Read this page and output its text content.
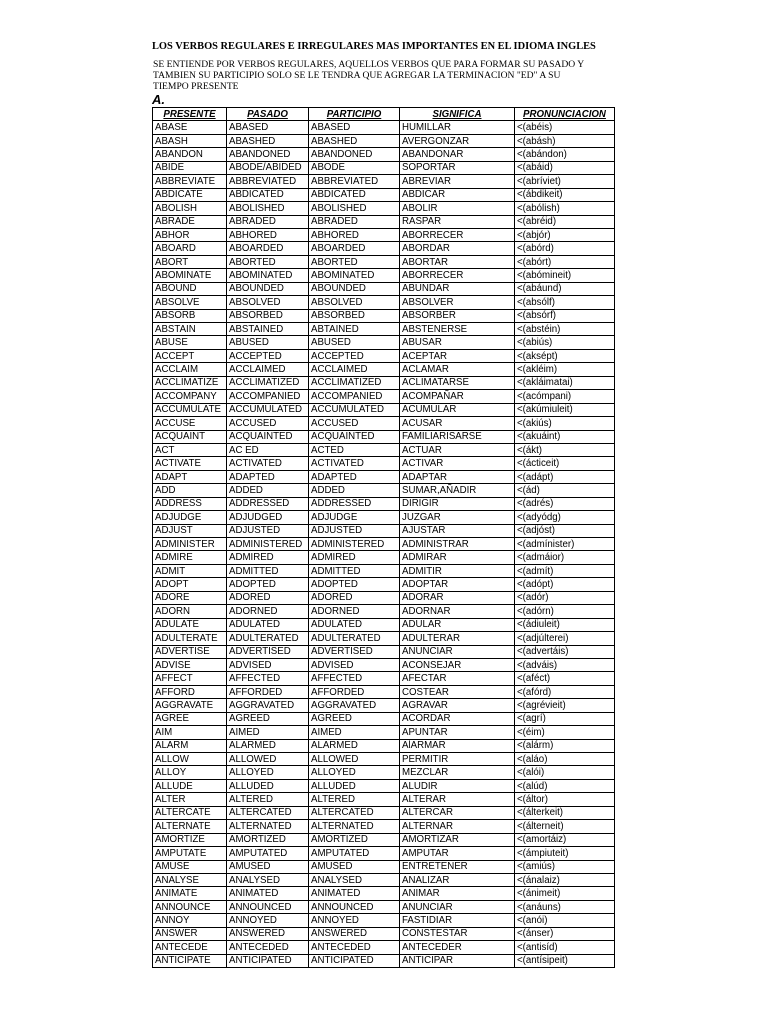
LOS VERBOS REGULARES E IRREGULARES MAS IMPORTANTES EN EL IDIOMA INGLES
SE ENTIENDE POR VERBOS REGULARES, AQUELLOS VERBOS QUE PARA FORMAR SU PASADO Y
TAMBIEN SU PARTICIPIO SOLO SE LE TENDRA QUE AGREGAR LA TERMINACION "ED" A SU
TIEMPO PRESENTE
A.
PRESENTE	PASADO	PARTICIPIO	SIGNIFICA	PRONUNCIACION
ABASE	ABASED	ABASED	HUMILLAR	<(abéis)
ABASH	ABASHED	ABASHED	AVERGONZAR	<(abásh)
ABANDON	ABANDONED	ABANDONED	ABANDONAR	<(abándon)
ABIDE	ABODE/ABIDED	ABODE	SOPORTAR	<(abáid)
ABBREVIATE	ABBREVIATED	ABBREVIATED	ABREVIAR	<(abríviet)
ABDICATE	ABDICATED	ABDICATED	ABDICAR	<(ábdikeit)
ABOLISH	ABOLISHED	ABOLISHED	ABOLIR	<(abólish)
ABRADE	ABRADED	ABRADED	RASPAR	<(abréid)
ABHOR	ABHORED	ABHORED	ABORRECER	<(abjór)
ABOARD	ABOARDED	ABOARDED	ABORDAR	<(abórd)
ABORT	ABORTED	ABORTED	ABORTAR	<(abórt)
ABOMINATE	ABOMINATED	ABOMINATED	ABORRECER	<(abómineit)
ABOUND	ABOUNDED	ABOUNDED	ABUNDAR	<(abáund)
ABSOLVE	ABSOLVED	ABSOLVED	ABSOLVER	<(absólf)
ABSORB	ABSORBED	ABSORBED	ABSORBER	<(absórf)
ABSTAIN	ABSTAINED	ABTAINED	ABSTENERSE	<(abstéin)
ABUSE	ABUSED	ABUSED	ABUSAR	<(abiús)
ACCEPT	ACCEPTED	ACCEPTED	ACEPTAR	<(aksépt)
ACCLAIM	ACCLAIMED	ACCLAIMED	ACLAMAR	<(akléim)
ACCLIMATIZE	ACCLIMATIZED	ACCLIMATIZED	ACLIMATARSE	<(akláimatai)
ACCOMPANY	ACCOMPANIED	ACCOMPANIED	ACOMPAÑAR	<(acómpani)
ACCUMULATE	ACCUMULATED	ACCUMULATED	ACUMULAR	<(akúmiuleit)
ACCUSE	ACCUSED	ACCUSED	ACUSAR	<(akiús)
ACQUAINT	ACQUAINTED	ACQUAINTED	FAMILIARISARSE	<(akuáint)
ACT	AC ED	ACTED	ACTUAR	<(ákt)
ACTIVATE	ACTIVATED	ACTIVATED	ACTIVAR	<(ácticeit)
ADAPT	ADAPTED	ADAPTED	ADAPTAR	<(adápt)
ADD	ADDED	ADDED	SUMAR,AÑADIR	<(ád)
ADDRESS	ADDRESSED	ADDRESSED	DIRIGIR	<(adrés)
ADJUDGE	ADJUDGED	ADJUDGE	JUZGAR	<(adyódg)
ADJUST	ADJUSTED	ADJUSTED	AJUSTAR	<(adjóst)
ADMINISTER	ADMINISTERED	ADMINISTERED	ADMINISTRAR	<(admínister)
ADMIRE	ADMIRED	ADMIRED	ADMIRAR	<(admáior)
ADMIT	ADMITTED	ADMITTED	ADMITIR	<(admít)
ADOPT	ADOPTED	ADOPTED	ADOPTAR	<(adópt)
ADORE	ADORED	ADORED	ADORAR	<(adór)
ADORN	ADORNED	ADORNED	ADORNAR	<(adórn)
ADULATE	ADULATED	ADULATED	ADULAR	<(ádiuleit)
ADULTERATE	ADULTERATED	ADULTERATED	ADULTERAR	<(adjúlterei)
ADVERTISE	ADVERTISED	ADVERTISED	ANUNCIAR	<(advertáis)
ADVISE	ADVISED	ADVISED	ACONSEJAR	<(adváis)
AFFECT	AFFECTED	AFFECTED	AFECTAR	<(aféct)
AFFORD	AFFORDED	AFFORDED	COSTEAR	<(afórd)
AGGRAVATE	AGGRAVATED	AGGRAVATED	AGRAVAR	<(agrévieit)
AGREE	AGREED	AGREED	ACORDAR	<(agrí)
AIM	AIMED	AIMED	APUNTAR	<(éim)
ALARM	ALARMED	ALARMED	AlARMAR	<(alárm)
ALLOW	ALLOWED	ALLOWED	PERMITIR	<(aláo)
ALLOY	ALLOYED	ALLOYED	MEZCLAR	<(alói)
ALLUDE	ALLUDED	ALLUDED	ALUDIR	<(alúd)
ALTER	ALTERED	ALTERED	ALTERAR	<(áltor)
ALTERCATE	ALTERCATED	ALTERCATED	ALTERCAR	<(álterkeit)
ALTERNATE	ALTERNATED	ALTERNATED	ALTERNAR	<(álterneit)
AMORTIZE	AMORTIZED	AMORTIZED	AMORTIZAR	<(amortáiz)
AMPUTATE	AMPUTATED	AMPUTATED	AMPUTAR	<(ámpiuteit)
AMUSE	AMUSED	AMUSED	ENTRETENER	<(amiús)
ANALYSE	ANALYSED	ANALYSED	ANALIZAR	<(ánalaiz)
ANIMATE	ANIMATED	ANIMATED	ANIMAR	<(ánimeit)
ANNOUNCE	ANNOUNCED	ANNOUNCED	ANUNCIAR	<(anáuns)
ANNOY	ANNOYED	ANNOYED	FASTIDIAR	<(anói)
ANSWER	ANSWERED	ANSWERED	CONSTESTAR	<(ánser)
ANTECEDE	ANTECEDED	ANTECEDED	ANTECEDER	<(antisíd)
ANTICIPATE	ANTICIPATED	ANTICIPATED	ANTICIPAR	<(antísipeit)
